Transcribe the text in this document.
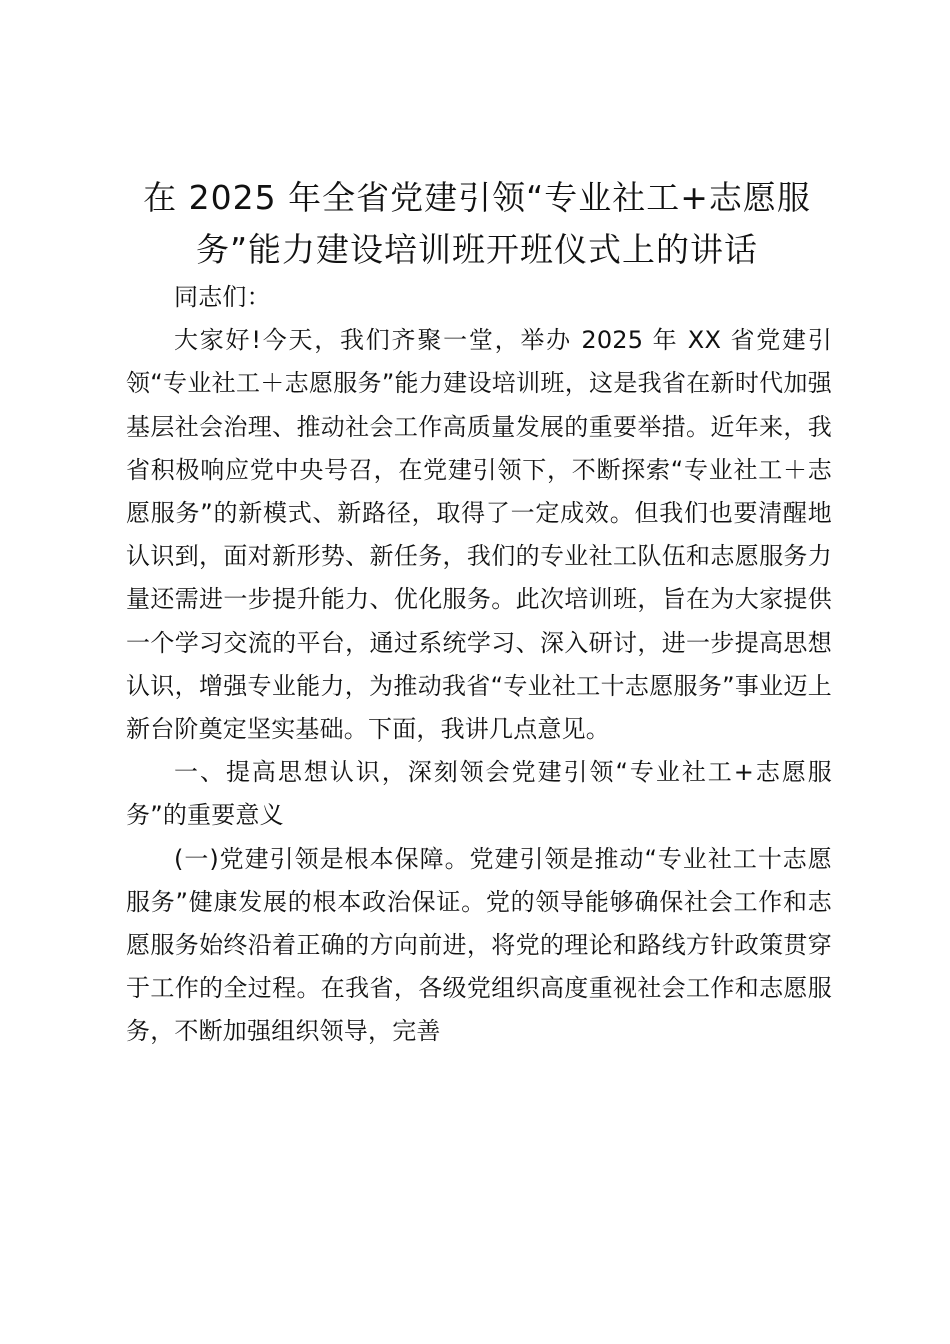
在 2025 年全省党建引领“专业社工+志愿服
务”能力建设培训班开班仪式上的讲话

同志们：

大家好!今天，我们齐聚一堂，举办 2025 年 XX 省党建引领“专业社工＋志愿服务”能力建设培训班，这是我省在新时代加强基层社会治理、推动社会工作高质量发展的重要举措。近年来，我省积极响应党中央号召，在党建引领下，不断探索“专业社工＋志愿服务”的新模式、新路径，取得了一定成效。但我们也要清醒地认识到，面对新形势、新任务，我们的专业社工队伍和志愿服务力量还需进一步提升能力、优化服务。此次培训班，旨在为大家提供一个学习交流的平台，通过系统学习、深入研讨，进一步提高思想认识，增强专业能力，为推动我省“专业社工十志愿服务”事业迈上新台阶奠定坚实基础。下面，我讲几点意见。

一、提高思想认识，深刻领会党建引领“专业社工+志愿服务”的重要意义

(一)党建引领是根本保障。党建引领是推动“专业社工十志愿服务”健康发展的根本政治保证。党的领导能够确保社会工作和志愿服务始终沿着正确的方向前进，将党的理论和路线方针政策贯穿于工作的全过程。在我省，各级党组织高度重视社会工作和志愿服务，不断加强组织领导，完善
